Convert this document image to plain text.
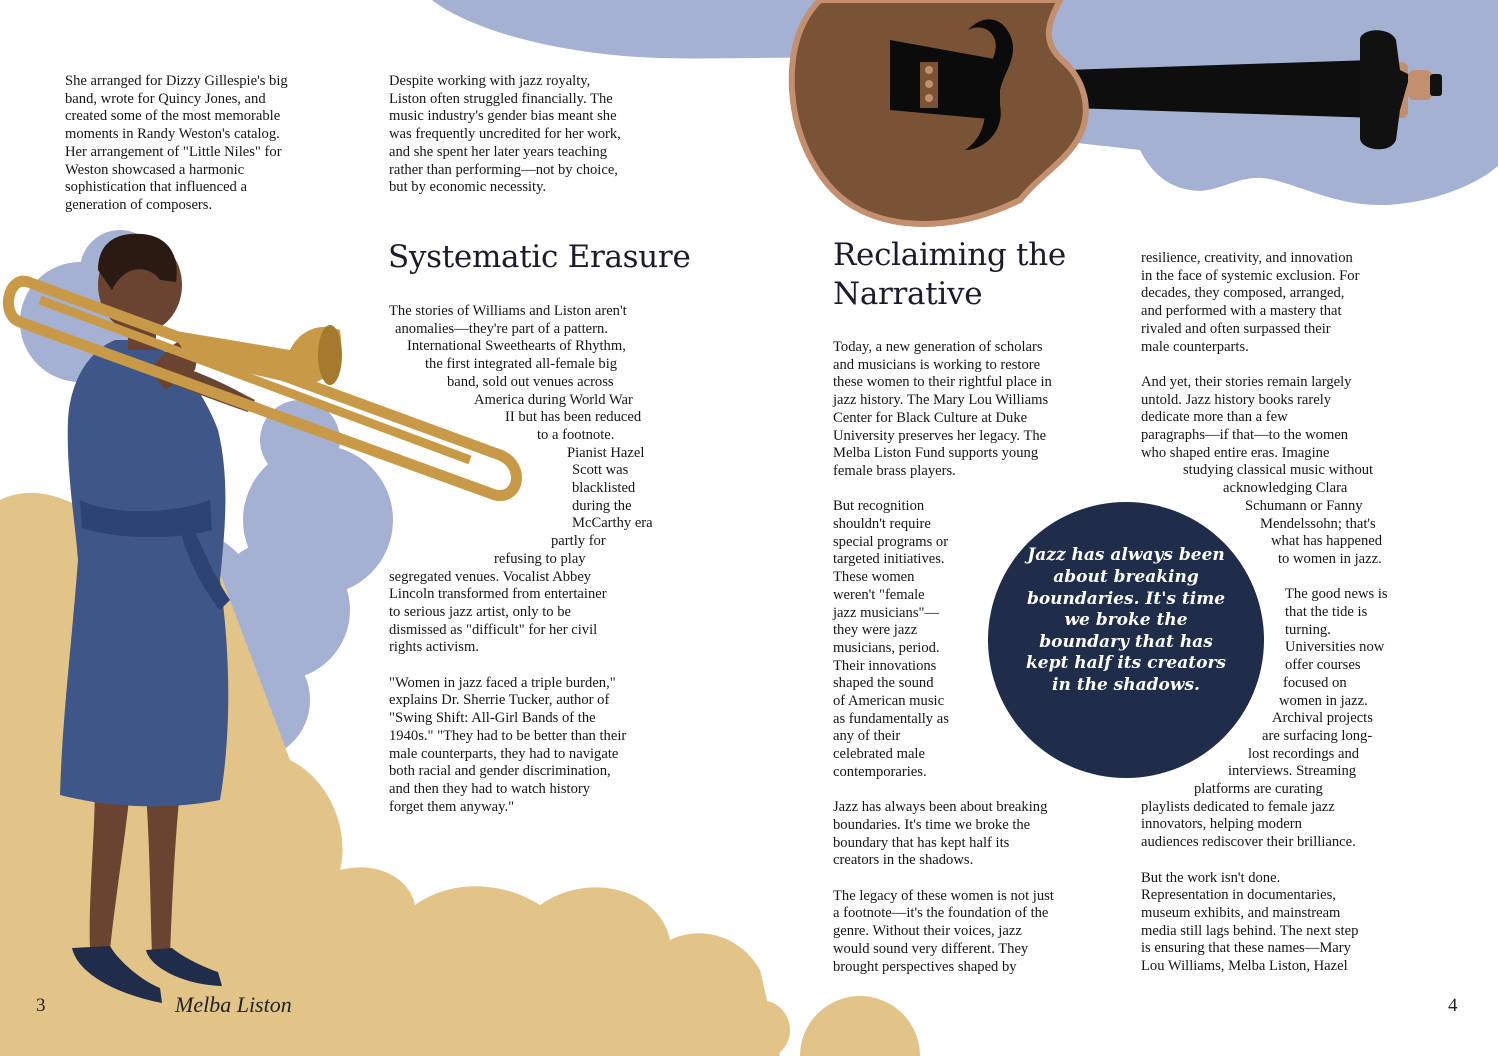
She arranged for Dizzy Gillespie's big
band, wrote for Quincy Jones, and
created some of the most memorable
moments in Randy Weston's catalog.
Her arrangement of "Little Niles" for
Weston showcased a harmonic
sophistication that influenced a
generation of composers.

Despite working with jazz royalty,
Liston often struggled financially. The
music industry's gender bias meant she
was frequently uncredited for her work,
and she spent her later years teaching
rather than performing—not by choice,
but by economic necessity.

Systematic Erasure
The stories of Williams and Liston aren't
anomalies—they're part of a pattern.
International Sweethearts of Rhythm,
the first integrated all-female big
band, sold out venues across
America during World War
II but has been reduced
to a footnote.
Pianist Hazel
Scott was
blacklisted
during the
McCarthy era
partly for
refusing to play
segregated venues. Vocalist Abbey
Lincoln transformed from entertainer
to serious jazz artist, only to be
dismissed as "difficult" for her civil
rights activism.

"Women in jazz faced a triple burden,"
explains Dr. Sherrie Tucker, author of
"Swing Shift: All-Girl Bands of the
1940s." "They had to be better than their
male counterparts, they had to navigate
both racial and gender discrimination,
and then they had to watch history
forget them anyway."

3	Melba Liston
Reclaiming the
Narrative

Today, a new generation of scholars
and musicians is working to restore
these women to their rightful place in
jazz history. The Mary Lou Williams
Center for Black Culture at Duke
University preserves her legacy. The
Melba Liston Fund supports young
female brass players.

But recognition
shouldn't require
special programs or
targeted initiatives.
These women
weren't "female
jazz musicians"—
they were jazz
musicians, period.
Their innovations
shaped the sound
of American music
as fundamentally as
any of their
celebrated male
contemporaries.

Jazz has always been about breaking
boundaries. It's time we broke the
boundary that has kept half its
creators in the shadows.

The legacy of these women is not just
a footnote—it's the foundation of the
genre. Without their voices, jazz
would sound very different. They
brought perspectives shaped by

resilience, creativity, and innovation
in the face of systemic exclusion. For
decades, they composed, arranged,
and performed with a mastery that
rivaled and often surpassed their
male counterparts.

And yet, their stories remain largely
untold. Jazz history books rarely
dedicate more than a few
paragraphs—if that—to the women
who shaped entire eras. Imagine
studying classical music without
acknowledging Clara
Schumann or Fanny
Mendelssohn; that's
what has happened
to women in jazz.
The good news is
that the tide is
turning.
Universities now
offer courses
focused on
women in jazz.
Archival projects
are surfacing long-
lost recordings and
interviews. Streaming
platforms are curating
playlists dedicated to female jazz
innovators, helping modern
audiences rediscover their brilliance.

But the work isn't done.
Representation in documentaries,
museum exhibits, and mainstream
media still lags behind. The next step
is ensuring that these names—Mary
Lou Williams, Melba Liston, Hazel

Jazz has always been about breaking boundaries. It's time we broke the boundary that has kept half its creators in the shadows.
4
